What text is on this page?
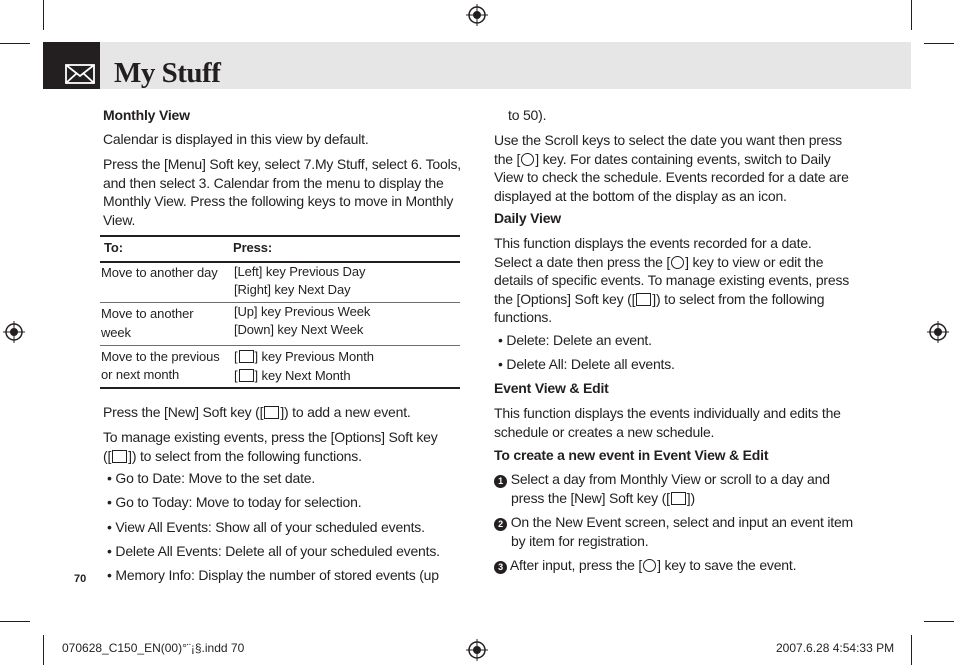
My Stuff
Monthly View
Calendar is displayed in this view by default.
Press the [Menu] Soft key, select 7.My Stuff, select 6. Tools,
and then select 3. Calendar from the menu to display the
Monthly View. Press the following keys to move in Monthly
View.
To:	Press:
Move to another day [Left] key Previous Day
[Right] key Next Day
Move to another
week
[Up] key Previous Week
[Down] key Next Week
Move to the previous
or next month
[ ] key Previous Month
[ ] key Next Month
Press the [New] Soft key ([ ]) to add a new event.
To manage existing events, press the [Options] Soft key
([ ]) to select from the following functions.
• Go to Date: Move to the set date.
• Go to Today: Move to today for selection.
• View All Events: Show all of your scheduled events.
• Delete All Events: Delete all of your scheduled events.
• Memory Info: Display the number of stored events (up
70
to 50).
Use the Scroll keys to select the date you want then press
the [ ] key. For dates containing events, switch to Daily
View to check the schedule. Events recorded for a date are
displayed at the bottom of the display as an icon.
Daily View
This function displays the events recorded for a date.
Select a date then press the [ ] key to view or edit the
details of specific events. To manage existing events, press
the [Options] Soft key ([ ]) to select from the following
functions.
• Delete: Delete an event.
• Delete All: Delete all events.
Event View & Edit
This function displays the events individually and edits the
schedule or creates a new schedule.
To create a new event in Event View & Edit
1 Select a day from Monthly View or scroll to a day and
press the [New] Soft key ([ ])
2 On the New Event screen, select and input an event item
by item for registration.
3 After input, press the [ ] key to save the event.
070628_C150_EN(00)°¨¡§.indd 70	2007.6.28 4:54:33 PM
